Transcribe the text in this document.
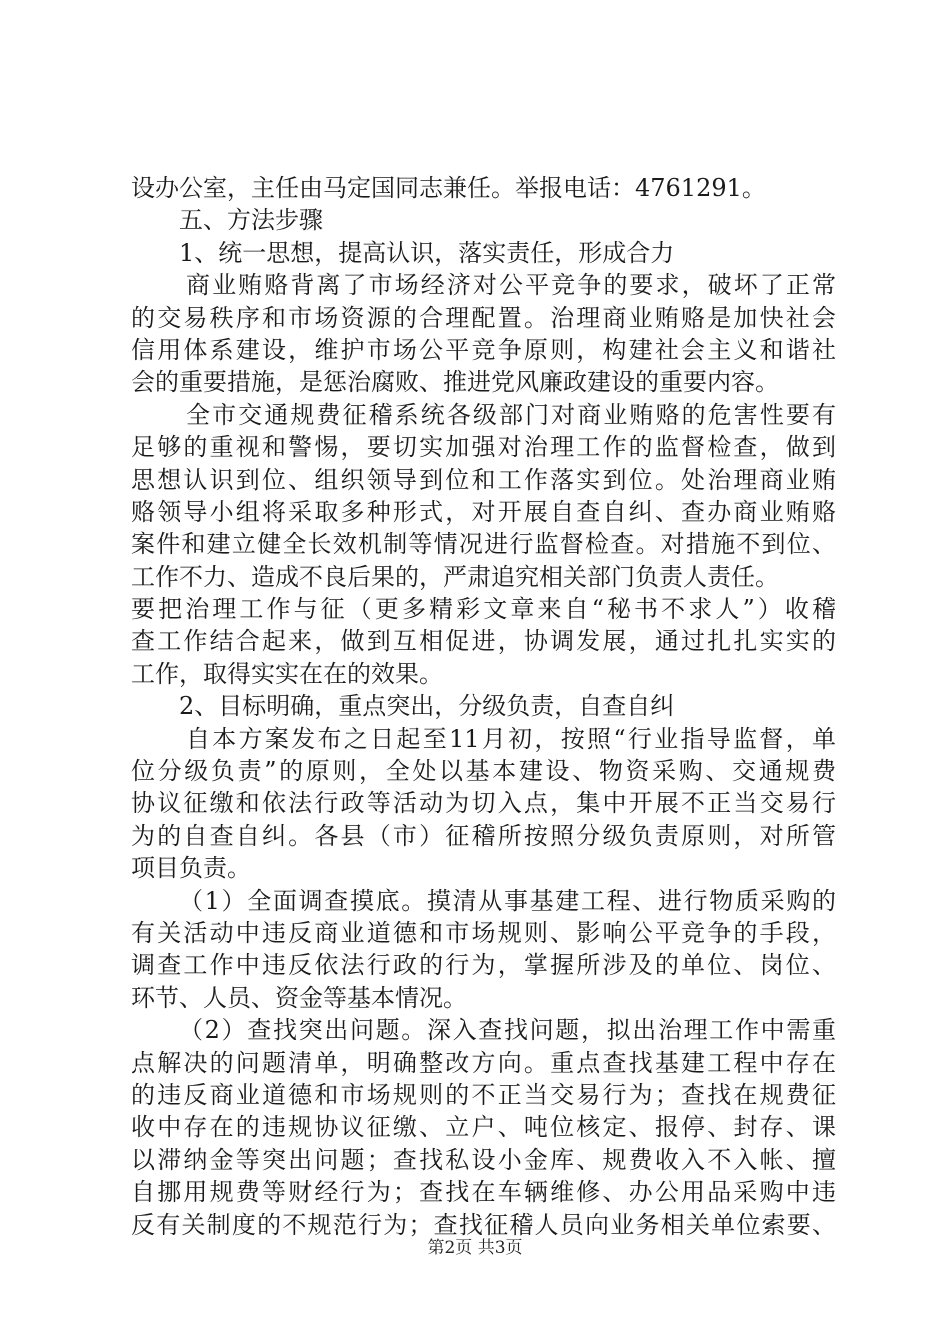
设办公室，主任由马定国同志兼任。举报电话：4761291。
五、方法步骤
1、统一思想，提高认识，落实责任，形成合力
商业贿赂背离了市场经济对公平竞争的要求，破坏了正常
的交易秩序和市场资源的合理配置。治理商业贿赂是加快社会
信用体系建设，维护市场公平竞争原则，构建社会主义和谐社
会的重要措施，是惩治腐败、推进党风廉政建设的重要内容。
全市交通规费征稽系统各级部门对商业贿赂的危害性要有
足够的重视和警惕，要切实加强对治理工作的监督检查，做到
思想认识到位、组织领导到位和工作落实到位。处治理商业贿
赂领导小组将采取多种形式，对开展自查自纠、查办商业贿赂
案件和建立健全长效机制等情况进行监督检查。对措施不到位、
工作不力、造成不良后果的，严肃追究相关部门负责人责任。
要把治理工作与征（更多精彩文章来自“秘书不求人”）收稽
查工作结合起来，做到互相促进，协调发展，通过扎扎实实的
工作，取得实实在在的效果。
2、目标明确，重点突出，分级负责，自查自纠
自本方案发布之日起至11月初，按照“行业指导监督，单
位分级负责”的原则，全处以基本建设、物资采购、交通规费
协议征缴和依法行政等活动为切入点，集中开展不正当交易行
为的自查自纠。各县（市）征稽所按照分级负责原则，对所管
项目负责。
（1）全面调查摸底。摸清从事基建工程、进行物质采购的
有关活动中违反商业道德和市场规则、影响公平竞争的手段，
调查工作中违反依法行政的行为，掌握所涉及的单位、岗位、
环节、人员、资金等基本情况。
（2）查找突出问题。深入查找问题，拟出治理工作中需重
点解决的问题清单，明确整改方向。重点查找基建工程中存在
的违反商业道德和市场规则的不正当交易行为；查找在规费征
收中存在的违规协议征缴、立户、吨位核定、报停、封存、课
以滞纳金等突出问题；查找私设小金库、规费收入不入帐、擅
自挪用规费等财经行为；查找在车辆维修、办公用品采购中违
反有关制度的不规范行为；查找征稽人员向业务相关单位索要、
第2页 共3页
